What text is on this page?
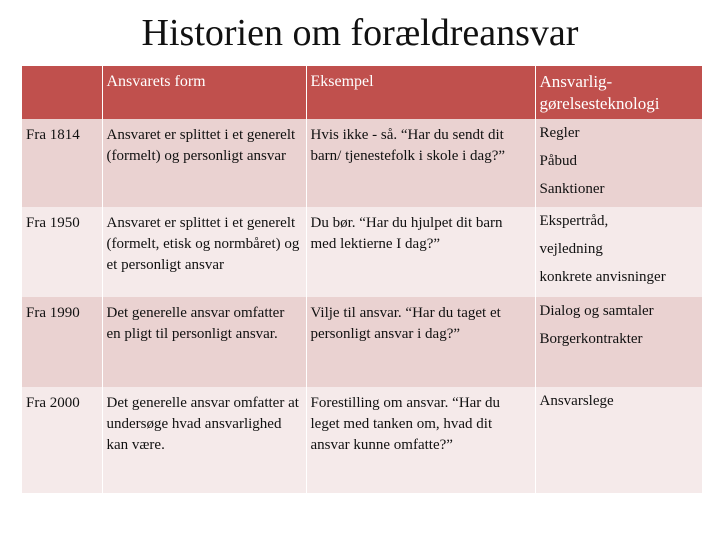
Historien om forældreansvar
	Ansvarets form	Eksempel	Ansvarlig-gørelsesteknologi
Fra 1814	Ansvaret er splittet i et generelt (formelt) og personligt ansvar	Hvis ikke - så. “Har du sendt dit barn/ tjenestefolk i skole i dag?”	Regler
Påbud
Sanktioner

Fra 1950	Ansvaret er splittet i et generelt (formelt, etisk og normbåret) og et personligt ansvar	Du bør. “Har du hjulpet dit barn med lektierne I dag?”	Ekspertråd,
vejledning
konkrete anvisninger

Fra 1990	Det generelle ansvar omfatter en pligt til personligt ansvar.	Vilje til ansvar. “Har du taget et personligt ansvar i dag?”	Dialog og samtaler
Borgerkontrakter

Fra 2000	Det generelle ansvar omfatter at undersøge hvad ansvarlighed kan være.	Forestilling om ansvar. “Har du leget med tanken om, hvad dit ansvar kunne omfatte?”	Ansvarslege
